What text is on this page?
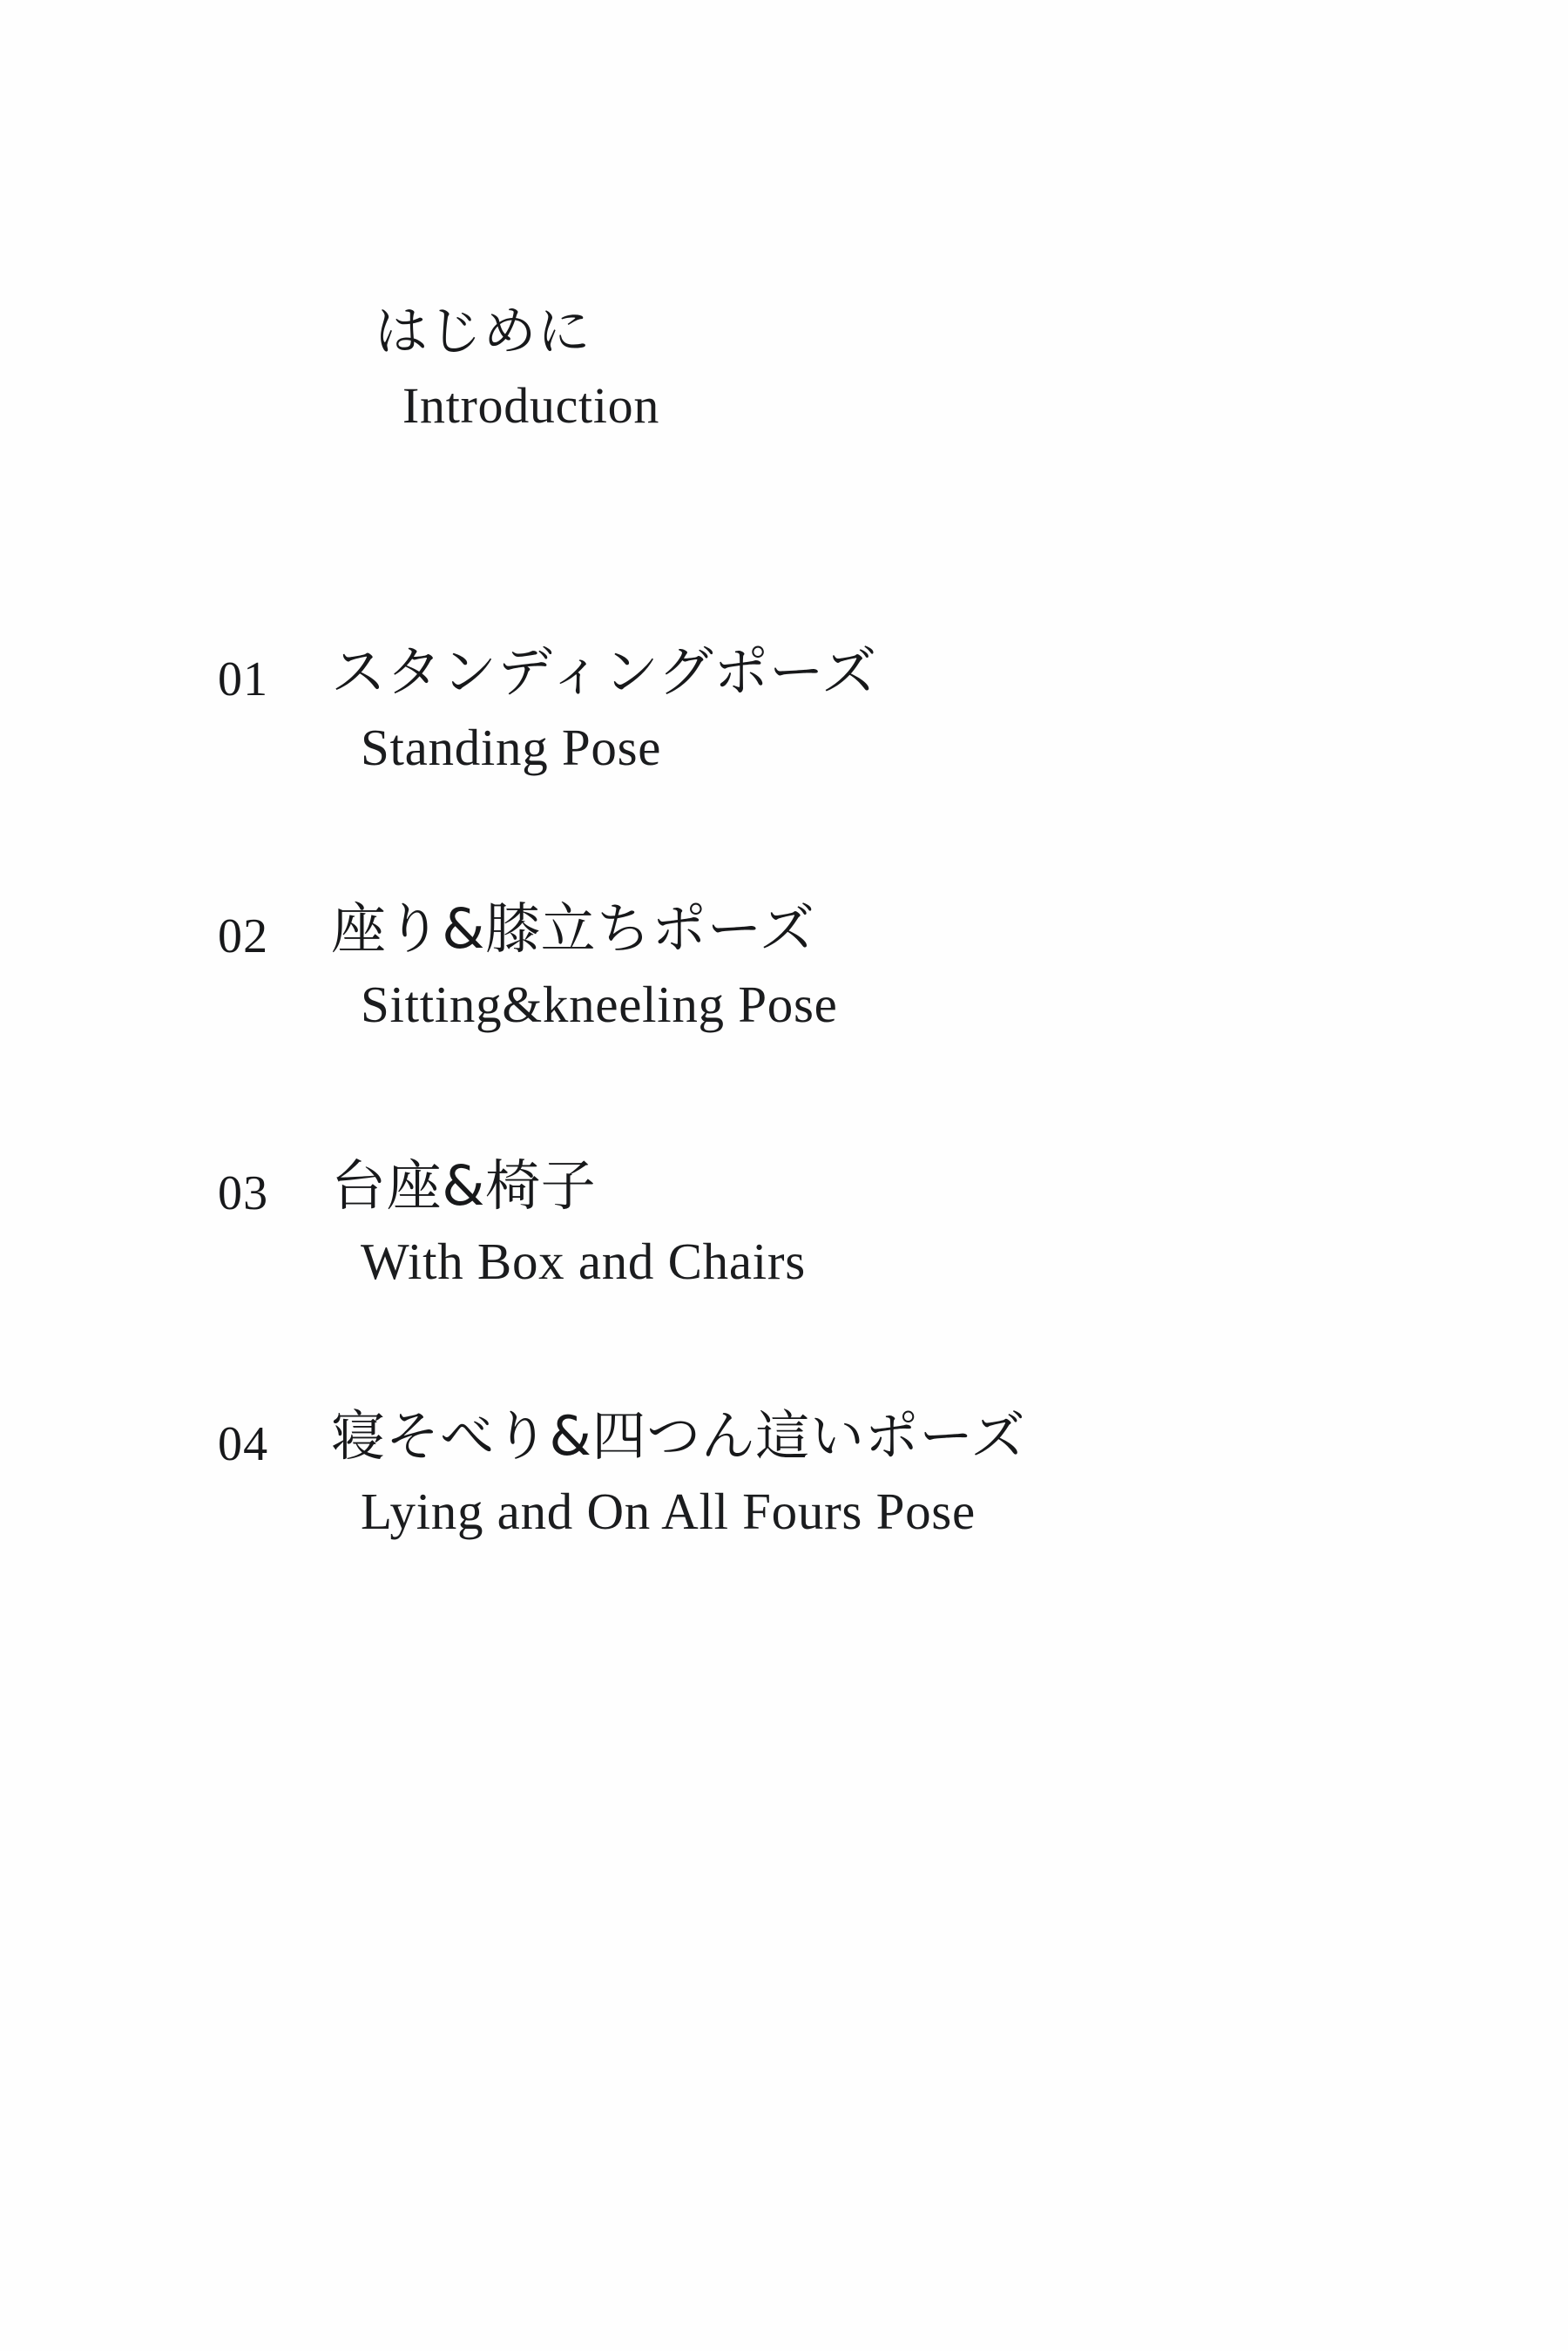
はじめに
Introduction
01	スタンディングポーズ
Standing Pose
02	座り&膝立ちポーズ
Sitting&kneeling Pose
03	台座&椅子
With Box and Chairs
04	寝そべり&四つん這いポーズ
Lying and On All Fours Pose
